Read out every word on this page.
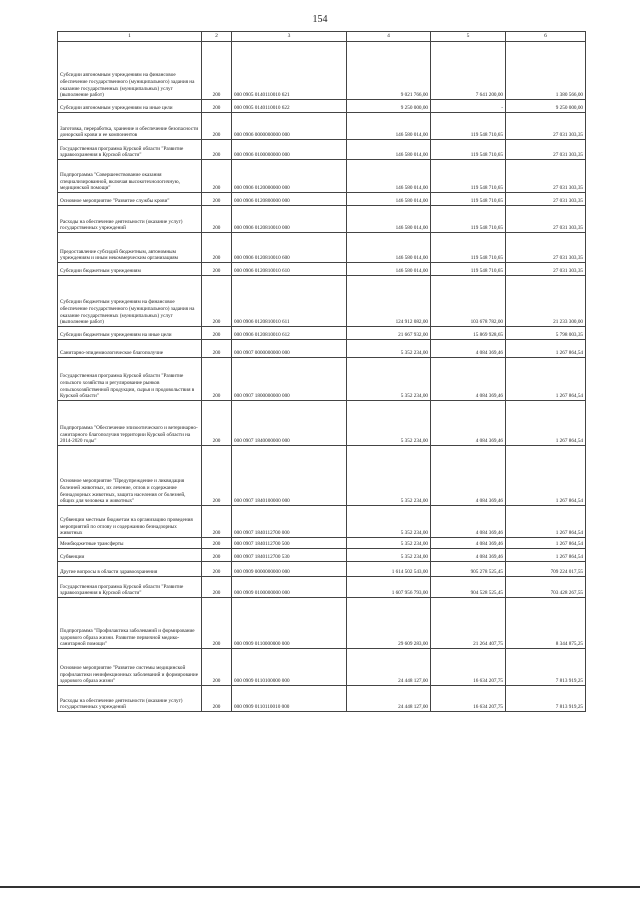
154
1	2	3	4	5	6
Субсидии автономным учреждениям на финансовое обеспечение государственного (муниципального) задания на оказание государственных (муниципальных) услуг (выполнение работ)	200	000 0905 0140110010 621	9 021 766,00	7 641 200,00	1 380 566,00
Субсидии автономным учреждениям на иные цели	200	000 0905 0140110010 622	9 250 000,00	-	9 250 000,00
Заготовка, переработка, хранение и обеспечение безопасности донорской крови и ее компонентов	200	000 0906 0000000000 000	146 580 014,00	119 548 710,65	27 031 303,35
Государственная программа Курской области "Развитие здравоохранения в Курской области"	200	000 0906 0100000000 000	146 580 014,00	119 548 710,65	27 031 303,35
Подпрограмма "Совершенствование оказания специализированной, включая высокотехнологичную, медицинской помощи"	200	000 0906 0120000000 000	146 580 014,00	119 548 710,65	27 031 303,35
Основное мероприятие "Развитие службы крови"	200	000 0906 0120800000 000	146 580 014,00	119 548 710,65	27 031 303,35
Расходы на обеспечение деятельности (оказание услуг) государственных учреждений	200	000 0906 0120810010 000	146 580 014,00	119 548 710,65	27 031 303,35
Предоставление субсидий бюджетным, автономным учреждениям и иным некоммерческим организациям	200	000 0906 0120810010 600	146 580 014,00	119 548 710,65	27 031 303,35
Субсидии бюджетным учреждениям	200	000 0906 0120810010 610	146 580 014,00	119 548 710,65	27 031 303,35
Субсидии бюджетным учреждениям на финансовое обеспечение государственного (муниципального) задания на оказание государственных (муниципальных) услуг (выполнение работ)	200	000 0906 0120810010 611	124 912 082,00	103 678 782,00	21 233 300,00
Субсидии бюджетным учреждениям на иные цели	200	000 0906 0120810010 612	21 667 932,00	15 869 928,65	5 798 003,35
Санитарно-эпидемиологическое благополучие	200	000 0907 0000000000 000	5 352 234,00	4 084 369,46	1 267 864,54
Государственная программа Курской области "Развитие сельского хозяйства и регулирование рынков сельскохозяйственной продукции, сырья и продовольствия в Курской области"	200	000 0907 1800000000 000	5 352 234,00	4 084 369,46	1 267 864,54
Подпрограмма "Обеспечение эпизоотического и ветеринарно-санитарного благополучия территории Курской области на 2014-2020 годы"	200	000 0907 1840000000 000	5 352 234,00	4 084 369,46	1 267 864,54
Основное мероприятие "Предупреждение и ликвидация болезней животных, их лечение, отлов и содержание безнадзорных животных, защита населения от болезней, общих для человека и животных"	200	000 0907 1840100000 000	5 352 234,00	4 084 369,46	1 267 864,54
Субвенции местным бюджетам на организацию проведения мероприятий по отлову и содержанию безнадзорных животных	200	000 0907 1840112700 000	5 352 234,00	4 084 369,46	1 267 864,54
Межбюджетные трансферты	200	000 0907 1840112700 500	5 352 234,00	4 084 369,46	1 267 864,54
Субвенции	200	000 0907 1840112700 530	5 352 234,00	4 084 369,46	1 267 864,54
Другие вопросы в области здравоохранения	200	000 0909 0000000000 000	1 614 502 543,00	905 278 525,45	709 224 017,55
Государственная программа Курской области "Развитие здравоохранения в Курской области"	200	000 0909 0100000000 000	1 607 956 793,00	904 528 525,45	703 428 267,55
Подпрограмма "Профилактика заболеваний и формирование здорового образа жизни. Развитие первичной медико-санитарной помощи"	200	000 0909 0110000000 000	29 609 283,00	21 264 407,75	8 344 875,25
Основное мероприятие "Развитие системы медицинской профилактики неинфекционных заболеваний и формирование здорового образа жизни"	200	000 0909 0110100000 000	24 448 127,00	16 634 207,75	7 813 919,25
Расходы на обеспечение деятельности (оказание услуг) государственных учреждений	200	000 0909 0110110010 000	24 448 127,00	16 634 207,75	7 813 919,25
